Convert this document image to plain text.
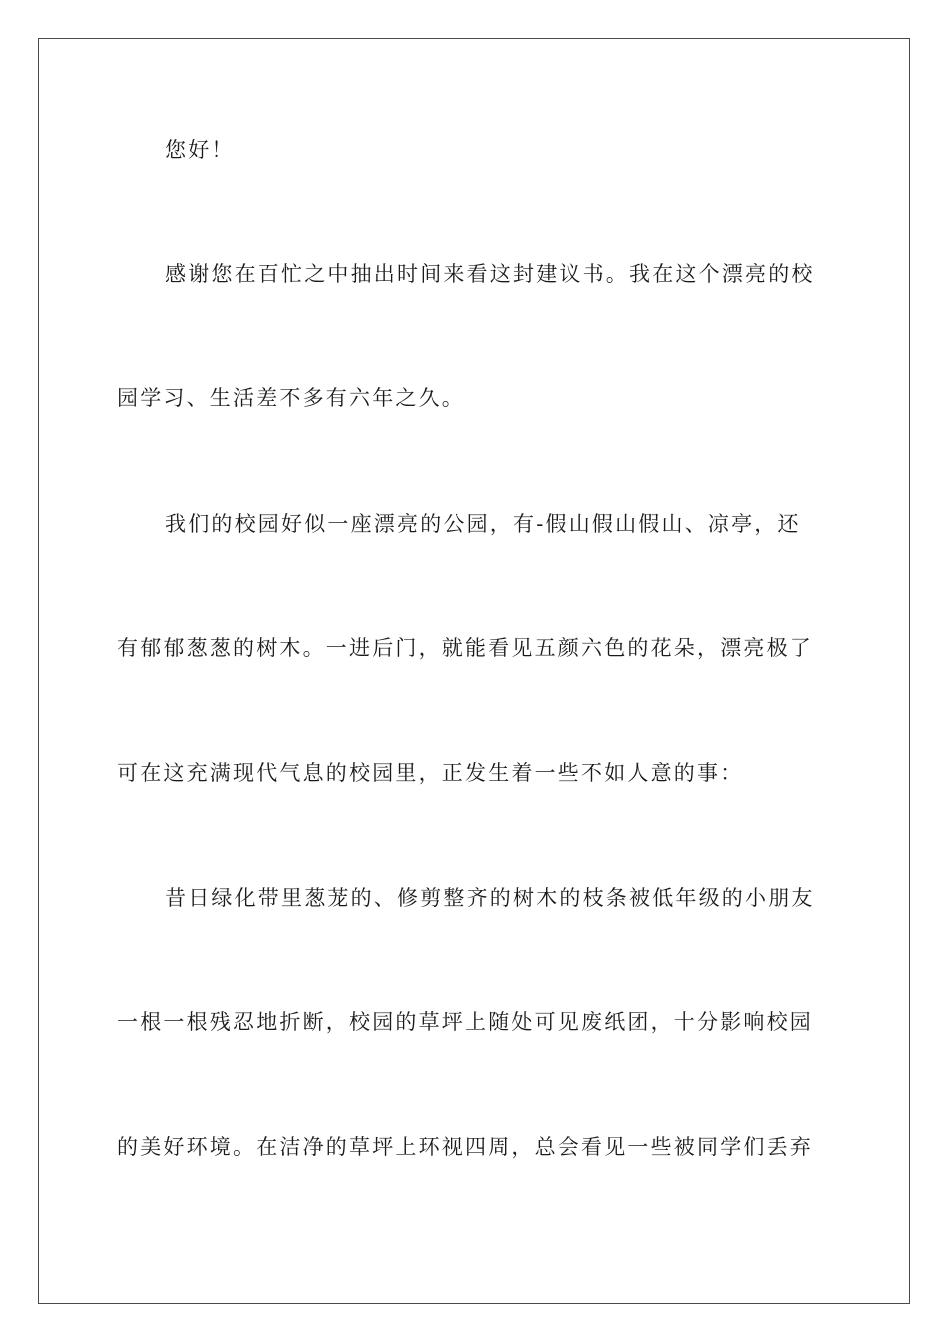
您好！
感谢您在百忙之中抽出时间来看这封建议书。我在这个漂亮的校
园学习、生活差不多有六年之久。
我们的校园好似一座漂亮的公园，有-假山假山假山、凉亭，还
有郁郁葱葱的树木。一进后门，就能看见五颜六色的花朵，漂亮极了
可在这充满现代气息的校园里，正发生着一些不如人意的事：
昔日绿化带里葱茏的、修剪整齐的树木的枝条被低年级的小朋友
一根一根残忍地折断，校园的草坪上随处可见废纸团，十分影响校园
的美好环境。在洁净的草坪上环视四周，总会看见一些被同学们丢弃
